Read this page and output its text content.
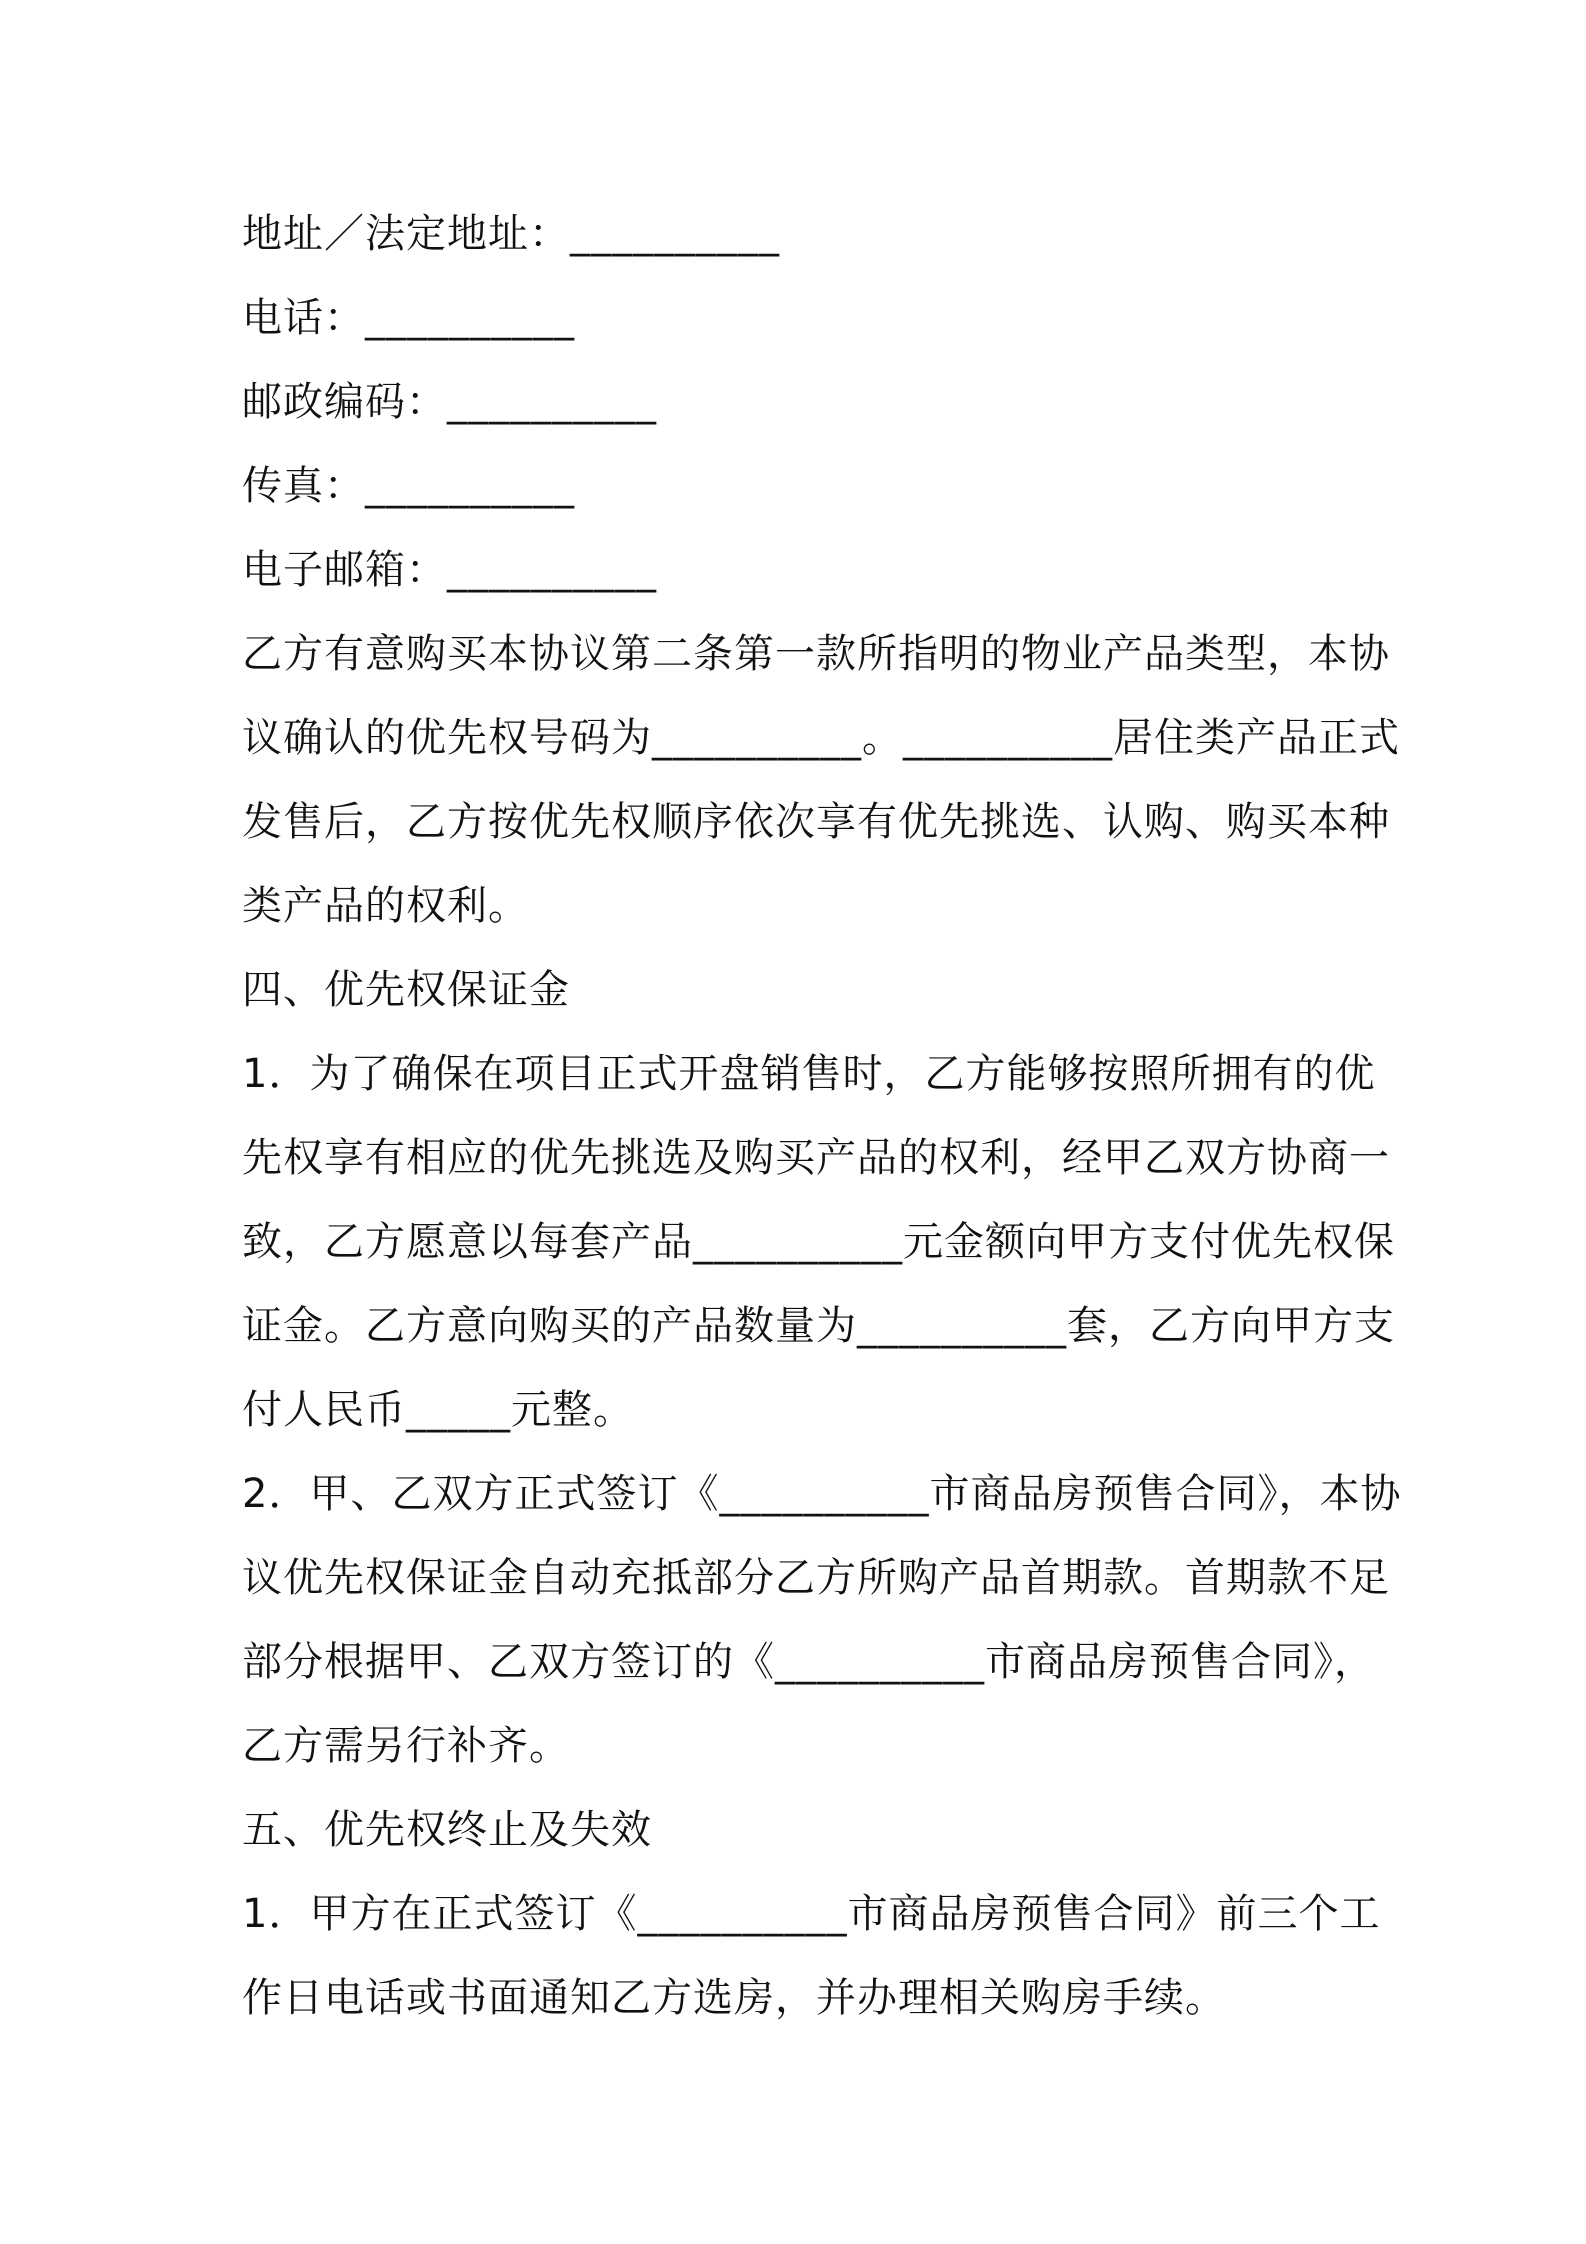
地址／法定地址：__________
电话：__________
邮政编码：__________
传真：__________
电子邮箱：__________
乙方有意购买本协议第二条第一款所指明的物业产品类型，本协
议确认的优先权号码为__________。__________居住类产品正式
发售后，乙方按优先权顺序依次享有优先挑选、认购、购买本种
类产品的权利。
四、优先权保证金
1．为了确保在项目正式开盘销售时，乙方能够按照所拥有的优
先权享有相应的优先挑选及购买产品的权利，经甲乙双方协商一
致，乙方愿意以每套产品__________元金额向甲方支付优先权保
证金。乙方意向购买的产品数量为__________套，乙方向甲方支
付人民币_____元整。
2．甲、乙双方正式签订《__________市商品房预售合同》，本协
议优先权保证金自动充抵部分乙方所购产品首期款。首期款不足
部分根据甲、乙双方签订的《__________市商品房预售合同》，
乙方需另行补齐。
五、优先权终止及失效
1．甲方在正式签订《__________市商品房预售合同》前三个工
作日电话或书面通知乙方选房，并办理相关购房手续。
